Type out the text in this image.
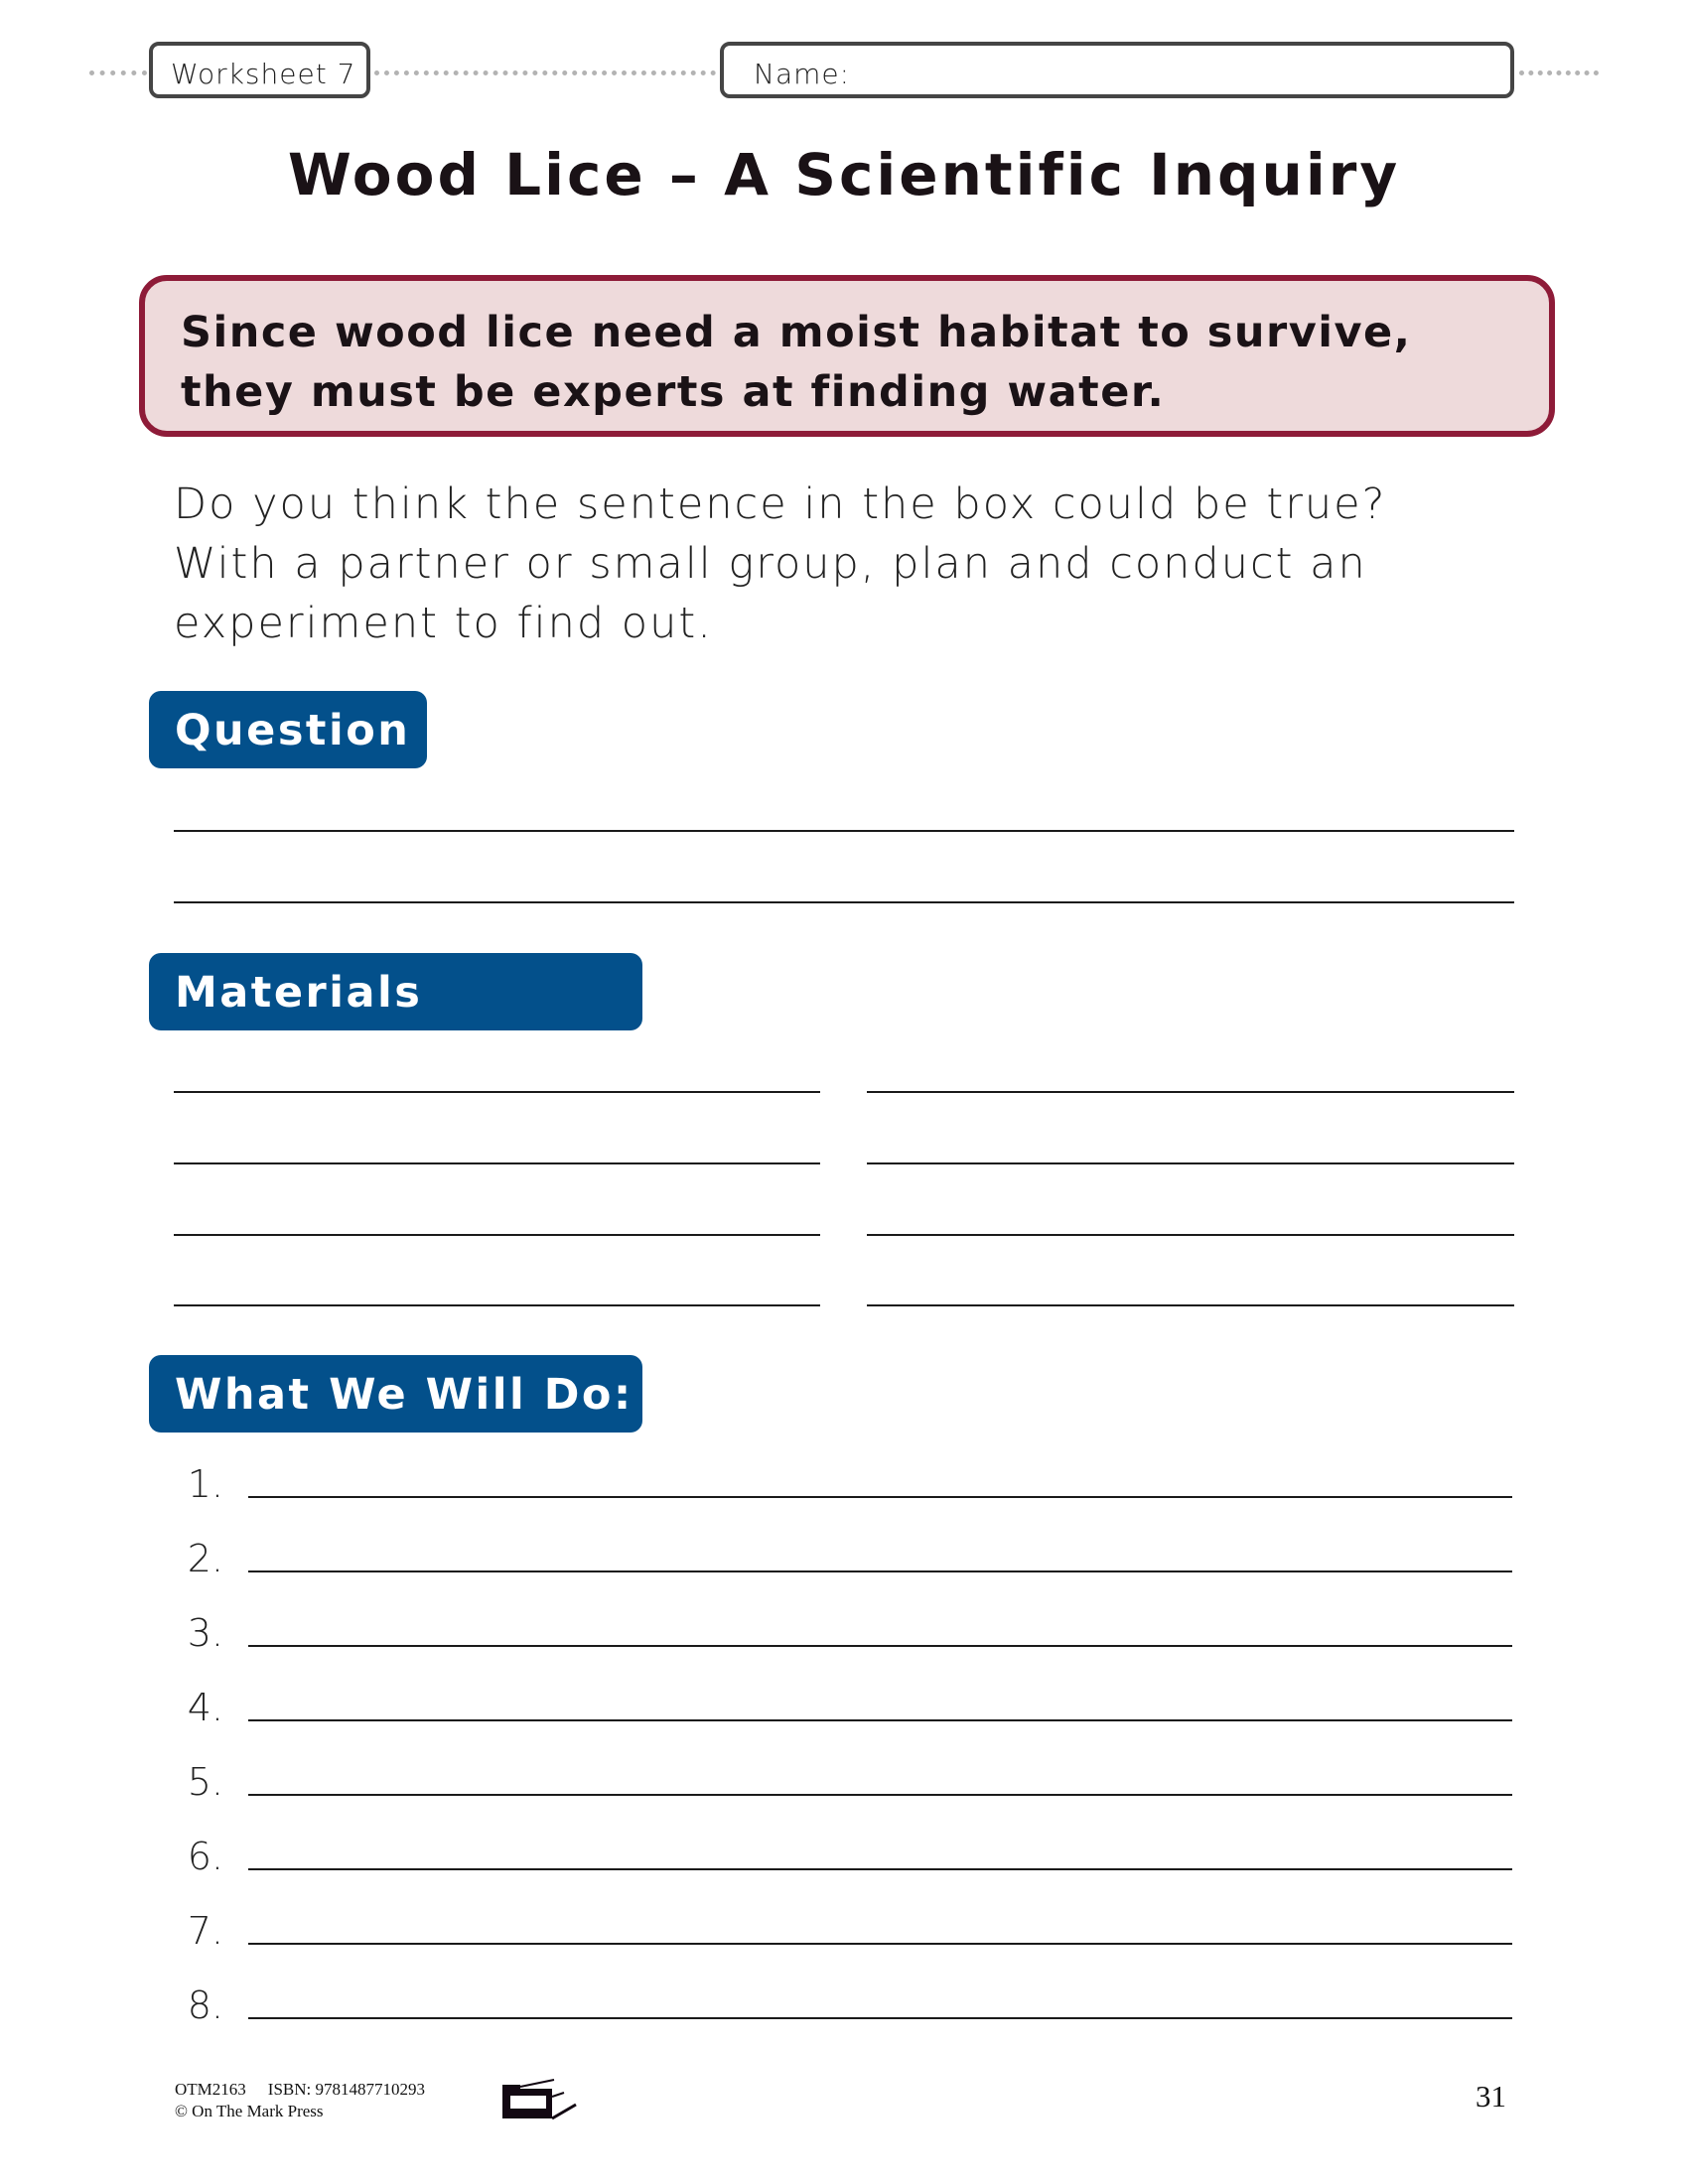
Worksheet 7	Name:
Wood Lice – A Scientific Inquiry
Since wood lice need a moist habitat to survive, they must be experts at finding water.
Do you think the sentence in the box could be true?
With a partner or small group, plan and conduct an
experiment to find out.
Question
Materials Needed:
What We Will Do:
1.
2.
3.
4.
5.
6.
7.
8.
OTM2163 ISBN: 9781487710293
© On The Mark Press	31
